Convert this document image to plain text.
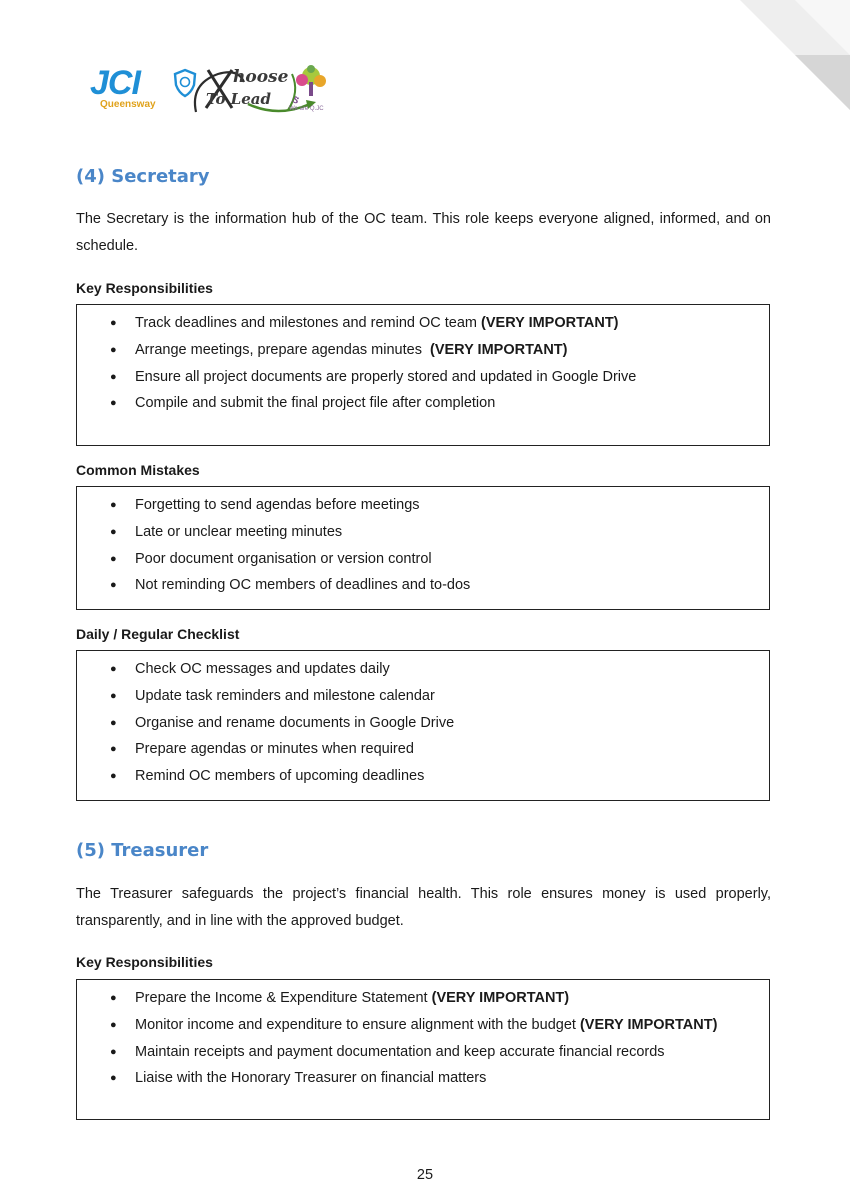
JCI
Queensway
hoose
To Lead ઙ
We are Q.JC
(4) Secretary

The Secretary is the information hub of the OC team. This role keeps everyone aligned, informed, and on schedule.

Key Responsibilities
● Track deadlines and milestones and remind OC team (VERY IMPORTANT)
● Arrange meetings, prepare agendas minutes (VERY IMPORTANT)
● Ensure all project documents are properly stored and updated in Google Drive
● Compile and submit the final project file after completion
Common Mistakes
● Forgetting to send agendas before meetings
● Late or unclear meeting minutes
● Poor document organisation or version control
● Not reminding OC members of deadlines and to-dos
Daily / Regular Checklist
● Check OC messages and updates daily
● Update task reminders and milestone calendar
● Organise and rename documents in Google Drive
● Prepare agendas or minutes when required
● Remind OC members of upcoming deadlines
(5) Treasurer

The Treasurer safeguards the project’s financial health. This role ensures money is used properly, transparently, and in line with the approved budget.

Key Responsibilities
● Prepare the Income & Expenditure Statement (VERY IMPORTANT)
● Monitor income and expenditure to ensure alignment with the budget (VERY IMPORTANT)
● Maintain receipts and payment documentation and keep accurate financial records
● Liaise with the Honorary Treasurer on financial matters
25
